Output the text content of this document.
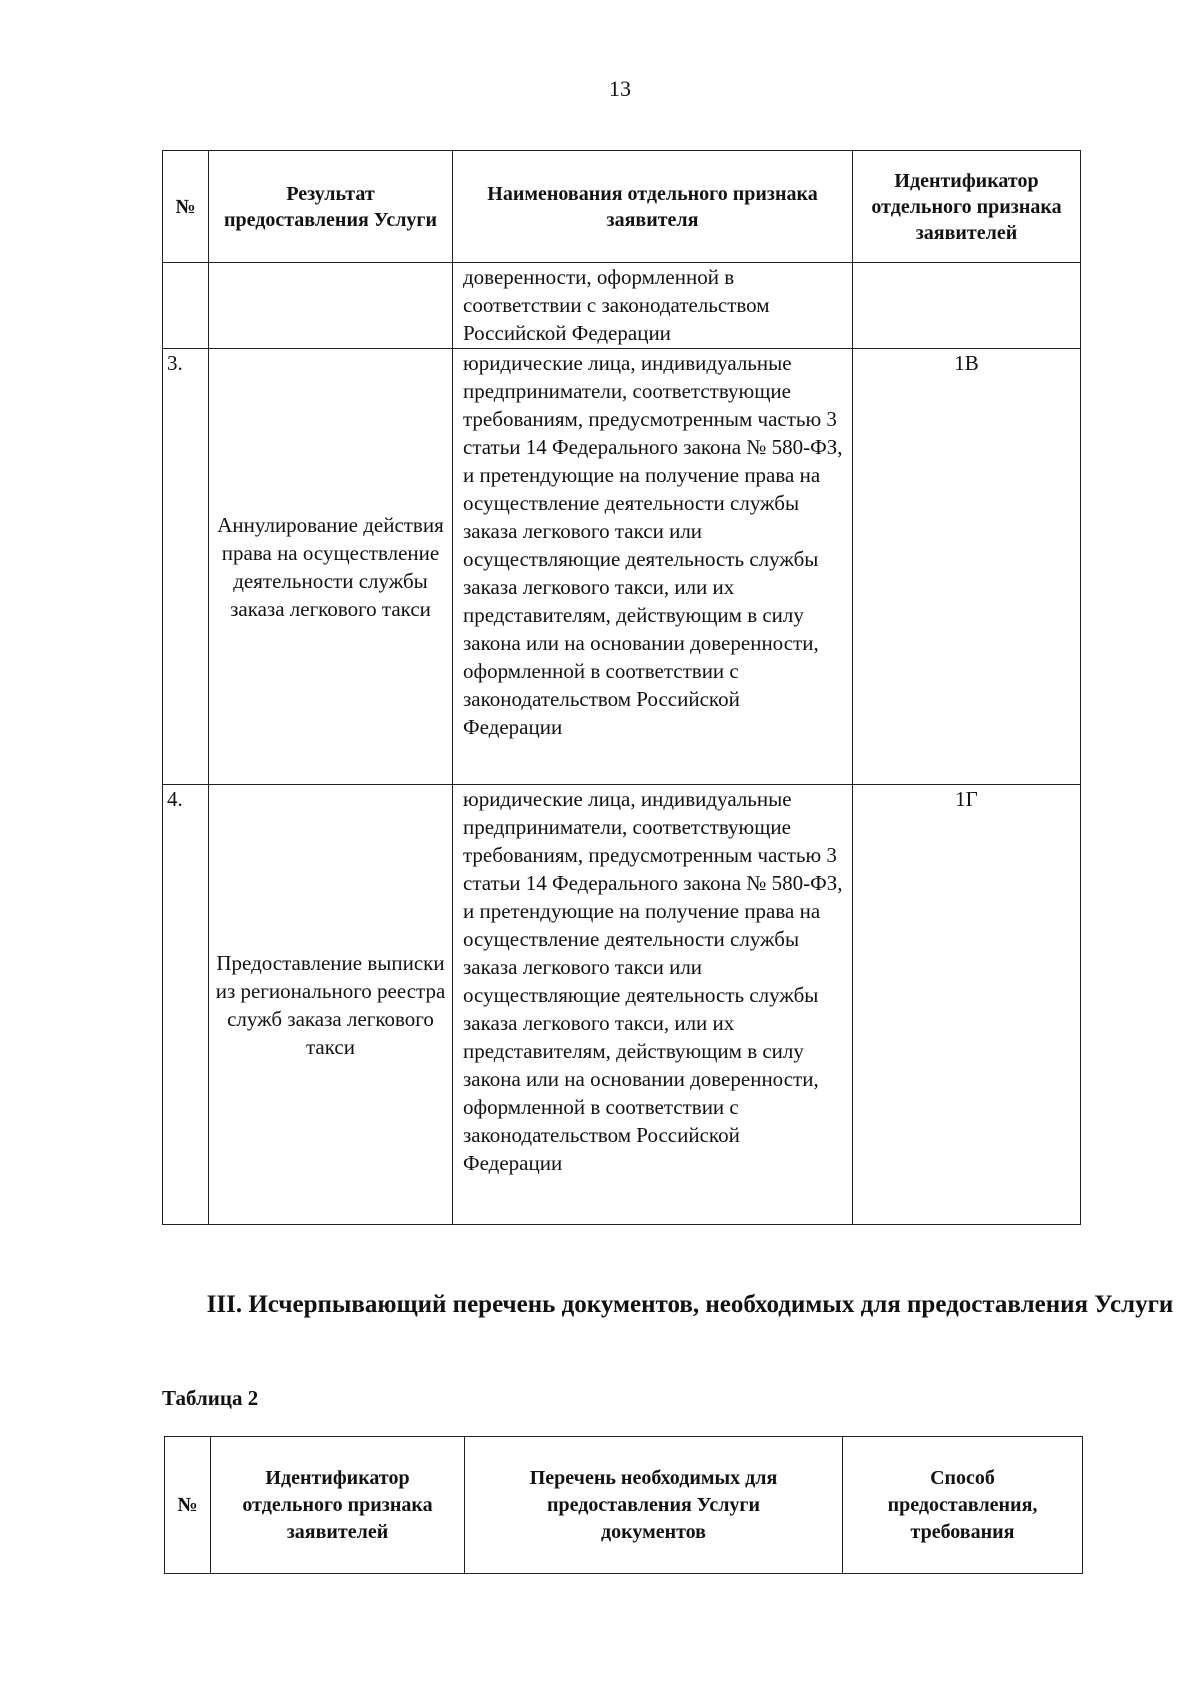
13
№	Результат предоставления Услуги	Наименования отдельного признака заявителя	Идентификатор отдельного признака заявителей
		доверенности, оформленной в соответствии с законодательством Российской Федерации	
3.	Аннулирование действия права на осуществление деятельности службы заказа легкового такси	юридические лица, индивидуальные предприниматели, соответствующие требованиям, предусмотренным частью 3 статьи 14 Федерального закона № 580-ФЗ, и претендующие на получение права на осуществление деятельности службы заказа легкового такси или осуществляющие деятельность службы заказа легкового такси, или их представителям, действующим в силу закона или на основании доверенности, оформленной в соответствии с законодательством Российской Федерации	1В
4.	Предоставление выписки из регионального реестра служб заказа легкового такси	юридические лица, индивидуальные предприниматели, соответствующие требованиям, предусмотренным частью 3 статьи 14 Федерального закона № 580-ФЗ, и претендующие на получение права на осуществление деятельности службы заказа легкового такси или осуществляющие деятельность службы заказа легкового такси, или их представителям, действующим в силу закона или на основании доверенности, оформленной в соответствии с законодательством Российской Федерации	1Г
III. Исчерпывающий перечень документов, необходимых для предоставления Услуги
Таблица 2
№	Идентификатор отдельного признака заявителей	Перечень необходимых для предоставления Услуги документов	Способ предоставления, требования
